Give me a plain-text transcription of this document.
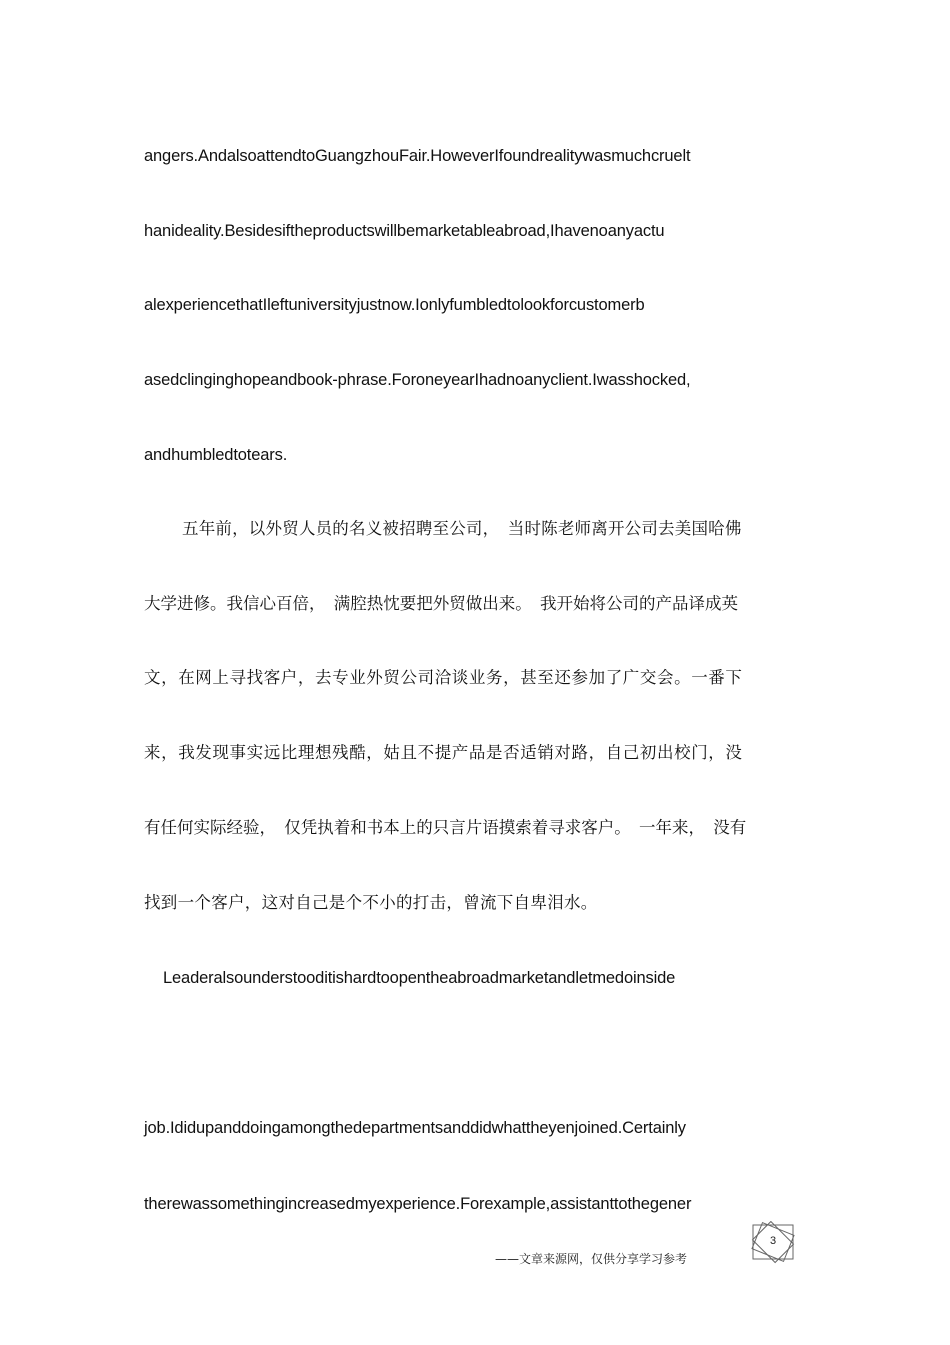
angers.AndalsoattendtoGuangzhouFair.HoweverIfoundrealitywasmuchcruelt
hanideality.Besidesiftheproductswillbemarketableabroad,Ihavenoanyactu
alexperiencethatIleftuniversityjustnow.Ionlyfumbledtolookforcustomerb
asedclinginghopeandbook-phrase.ForoneyearIhadnoanyclient.Iwasshocked,
andhumbledtotears.
五年前，以外贸人员的名义被招聘至公司，　当时陈老师离开公司去美国哈佛
大学进修。我信心百倍，　满腔热忱要把外贸做出来。　我开始将公司的产品译成英
文，在网上寻找客户，去专业外贸公司洽谈业务，甚至还参加了广交会。一番下
来，我发现事实远比理想残酷，姑且不提产品是否适销对路，自己初出校门，没
有任何实际经验，　仅凭执着和书本上的只言片语摸索着寻求客户。　一年来，　没有
找到一个客户，这对自己是个不小的打击，曾流下自卑泪水。
Leaderalsounderstooditishardtoopentheabroadmarketandletmedoinside
job.Ididupanddoingamongthedepartmentsanddidwhattheyenjoined.Certainly
therewassomethingincreasedmyexperience.Forexample,assistanttothegener
——文章来源网，仅供分享学习参考
3
